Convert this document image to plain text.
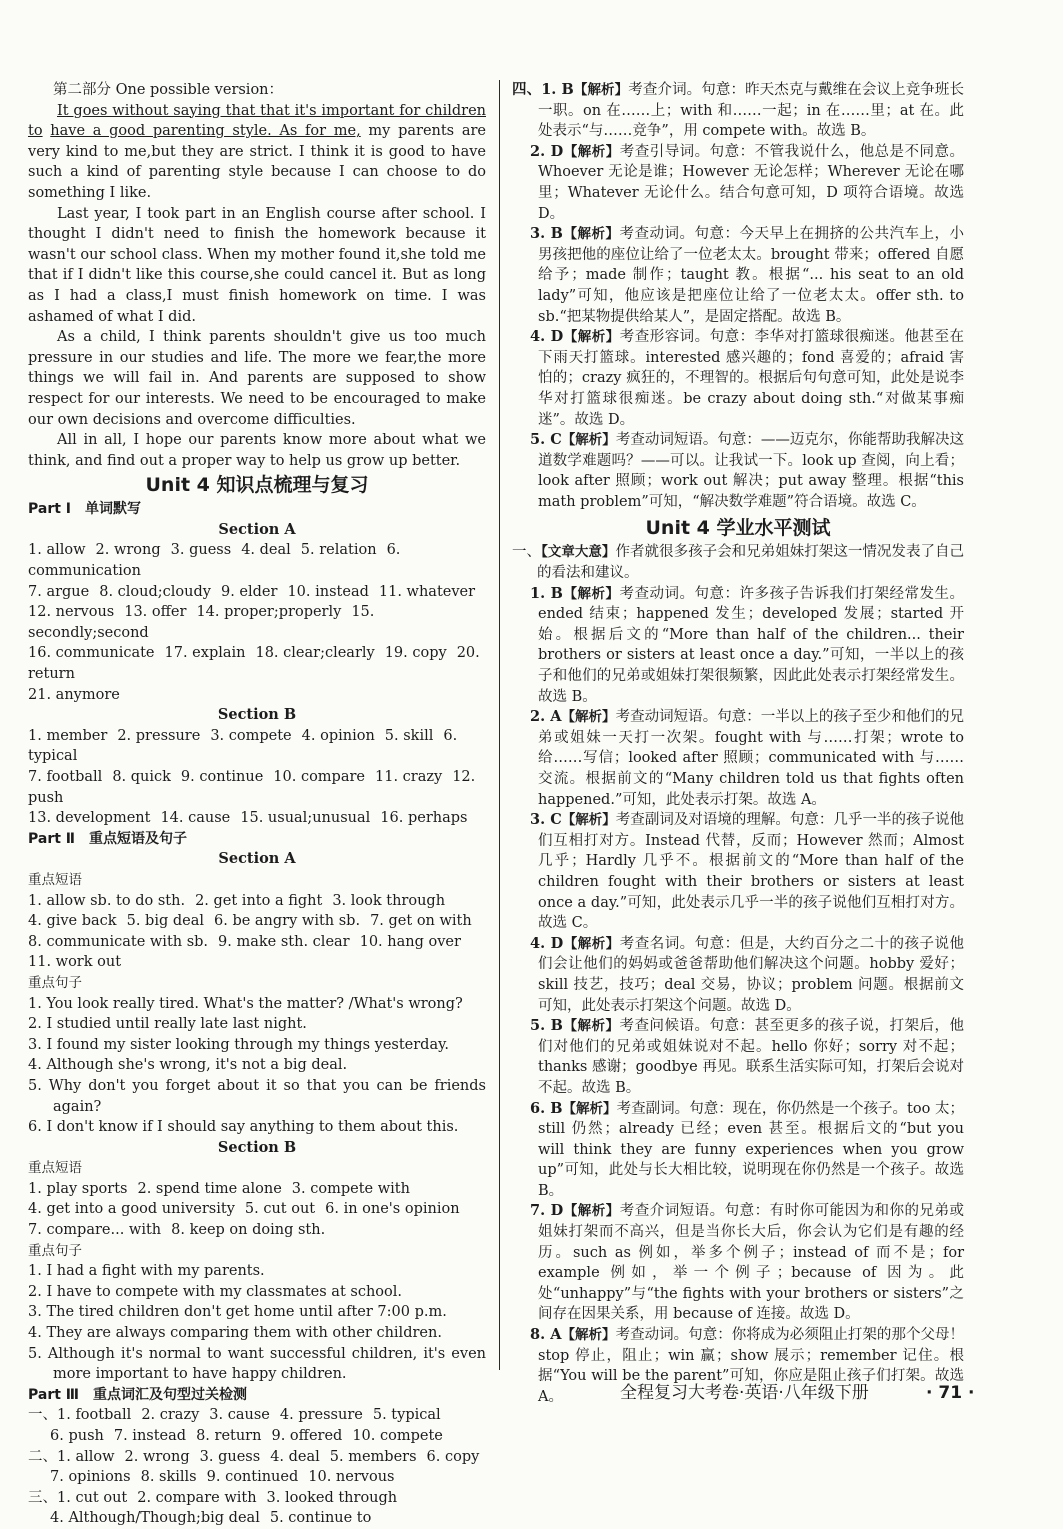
第二部分 One possible version：

It goes without saying that that it's important for children to have a good parenting style. As for me, my parents are very kind to me,but they are strict. I think it is good to have such a kind of parenting style because I can choose to do something I like.

Last year, I took part in an English course after school. I thought I didn't need to finish the homework because it wasn't our school class. When my mother found it,she told me that if I didn't like this course,she could cancel it. But as long as I had a class,I must finish homework on time. I was ashamed of what I did.

As a child, I think parents shouldn't give us too much pressure in our studies and life. The more we fear,the more things we will fail in. And parents are supposed to show respect for our interests. We need to be encouraged to make our own decisions and overcome difficulties.

All in all, I hope our parents know more about what we think, and find out a proper way to help us grow up better.

Unit 4 知识点梳理与复习

Part Ⅰ　单词默写

Section A

1. allow 2. wrong 3. guess 4. deal 5. relation 6. communication

7. argue 8. cloud;cloudy 9. elder 10. instead 11. whatever

12. nervous 13. offer 14. proper;properly 15. secondly;second

16. communicate 17. explain 18. clear;clearly 19. copy 20. return

21. anymore

Section B

1. member 2. pressure 3. compete 4. opinion 5. skill 6. typical

7. football 8. quick 9. continue 10. compare 11. crazy 12. push

13. development 14. cause 15. usual;unusual 16. perhaps

Part Ⅱ　重点短语及句子

Section A

重点短语

1. allow sb. to do sth. 2. get into a fight 3. look through

4. give back 5. big deal 6. be angry with sb. 7. get on with

8. communicate with sb. 9. make sth. clear 10. hang over

11. work out

重点句子

1. You look really tired. What's the matter? /What's wrong?

2. I studied until really late last night.

3. I found my sister looking through my things yesterday.

4. Although she's wrong, it's not a big deal.

5. Why don't you forget about it so that you can be friends again?

6. I don't know if I should say anything to them about this.

Section B

重点短语

1. play sports 2. spend time alone 3. compete with

4. get into a good university 5. cut out 6. in one's opinion

7. compare... with 8. keep on doing sth.

重点句子

1. I had a fight with my parents.

2. I have to compete with my classmates at school.

3. The tired children don't get home until after 7:00 p.m.

4. They are always comparing them with other children.

5. Although it's normal to want successful children, it's even more important to have happy children.

Part Ⅲ　重点词汇及句型过关检测

一、1. football 2. crazy 3. cause 4. pressure 5. typical

6. push 7. instead 8. return 9. offered 10. compete

二、1. allow 2. wrong 3. guess 4. deal 5. members 6. copy

7. opinions 8. skills 9. continued 10. nervous

三、1. cut out 2. compare with 3. looked through

4. Although/Though;big deal 5. continue to

四、1. B【解析】考查介词。句意：昨天杰克与戴维在会议上竞争班长一职。on 在……上；with 和……一起；in 在……里；at 在。此处表示“与……竞争”，用 compete with。故选 B。

2. D【解析】考查引导词。句意：不管我说什么，他总是不同意。Whoever 无论是谁；However 无论怎样；Wherever 无论在哪里；Whatever 无论什么。结合句意可知，D 项符合语境。故选 D。

3. B【解析】考查动词。句意：今天早上在拥挤的公共汽车上，小男孩把他的座位让给了一位老太太。brought 带来；offered 自愿给予；made 制作；taught 教。根据“... his seat to an old lady”可知，他应该是把座位让给了一位老太太。offer sth. to sb.“把某物提供给某人”，是固定搭配。故选 B。

4. D【解析】考查形容词。句意：李华对打篮球很痴迷。他甚至在下雨天打篮球。interested 感兴趣的；fond 喜爱的；afraid 害怕的；crazy 疯狂的，不理智的。根据后句句意可知，此处是说李华对打篮球很痴迷。be crazy about doing sth.“对做某事痴迷”。故选 D。

5. C【解析】考查动词短语。句意：——迈克尔，你能帮助我解决这道数学难题吗？——可以。让我试一下。look up 查阅，向上看；look after 照顾；work out 解决；put away 整理。根据“this math problem”可知，“解决数学难题”符合语境。故选 C。

Unit 4 学业水平测试

一、【文章大意】作者就很多孩子会和兄弟姐妹打架这一情况发表了自己的看法和建议。

1. B【解析】考查动词。句意：许多孩子告诉我们打架经常发生。ended 结束；happened 发生；developed 发展；started 开始。根据后文的“More than half of the children... their brothers or sisters at least once a day.”可知，一半以上的孩子和他们的兄弟或姐妹打架很频繁，因此此处表示打架经常发生。故选 B。

2. A【解析】考查动词短语。句意：一半以上的孩子至少和他们的兄弟或姐妹一天打一次架。fought with 与……打架；wrote to 给……写信；looked after 照顾；communicated with 与……交流。根据前文的“Many children told us that fights often happened.”可知，此处表示打架。故选 A。

3. C【解析】考查副词及对语境的理解。句意：几乎一半的孩子说他们互相打对方。Instead 代替，反而；However 然而；Almost 几乎；Hardly 几乎不。根据前文的“More than half of the children fought with their brothers or sisters at least once a day.”可知，此处表示几乎一半的孩子说他们互相打对方。故选 C。

4. D【解析】考查名词。句意：但是，大约百分之二十的孩子说他们会让他们的妈妈或爸爸帮助他们解决这个问题。hobby 爱好；skill 技艺，技巧；deal 交易，协议；problem 问题。根据前文可知，此处表示打架这个问题。故选 D。

5. B【解析】考查问候语。句意：甚至更多的孩子说，打架后，他们对他们的兄弟或姐妹说对不起。hello 你好；sorry 对不起；thanks 感谢；goodbye 再见。联系生活实际可知，打架后会说对不起。故选 B。

6. B【解析】考查副词。句意：现在，你仍然是一个孩子。too 太；still 仍然；already 已经；even 甚至。根据后文的“but you will think they are funny experiences when you grow up”可知，此处与长大相比较，说明现在你仍然是一个孩子。故选 B。

7. D【解析】考查介词短语。句意：有时你可能因为和你的兄弟或姐妹打架而不高兴，但是当你长大后，你会认为它们是有趣的经历。such as 例如，举多个例子；instead of 而不是；for example 例如，举一个例子；because of 因为。此处“unhappy”与“the fights with your brothers or sisters”之间存在因果关系，用 because of 连接。故选 D。

8. A【解析】考查动词。句意：你将成为必须阻止打架的那个父母！stop 停止，阻止；win 赢；show 展示；remember 记住。根据“You will be the parent”可知，你应是阻止孩子们打架。故选 A。	全程复习大考卷·英语·八年级下册	· 71 ·
